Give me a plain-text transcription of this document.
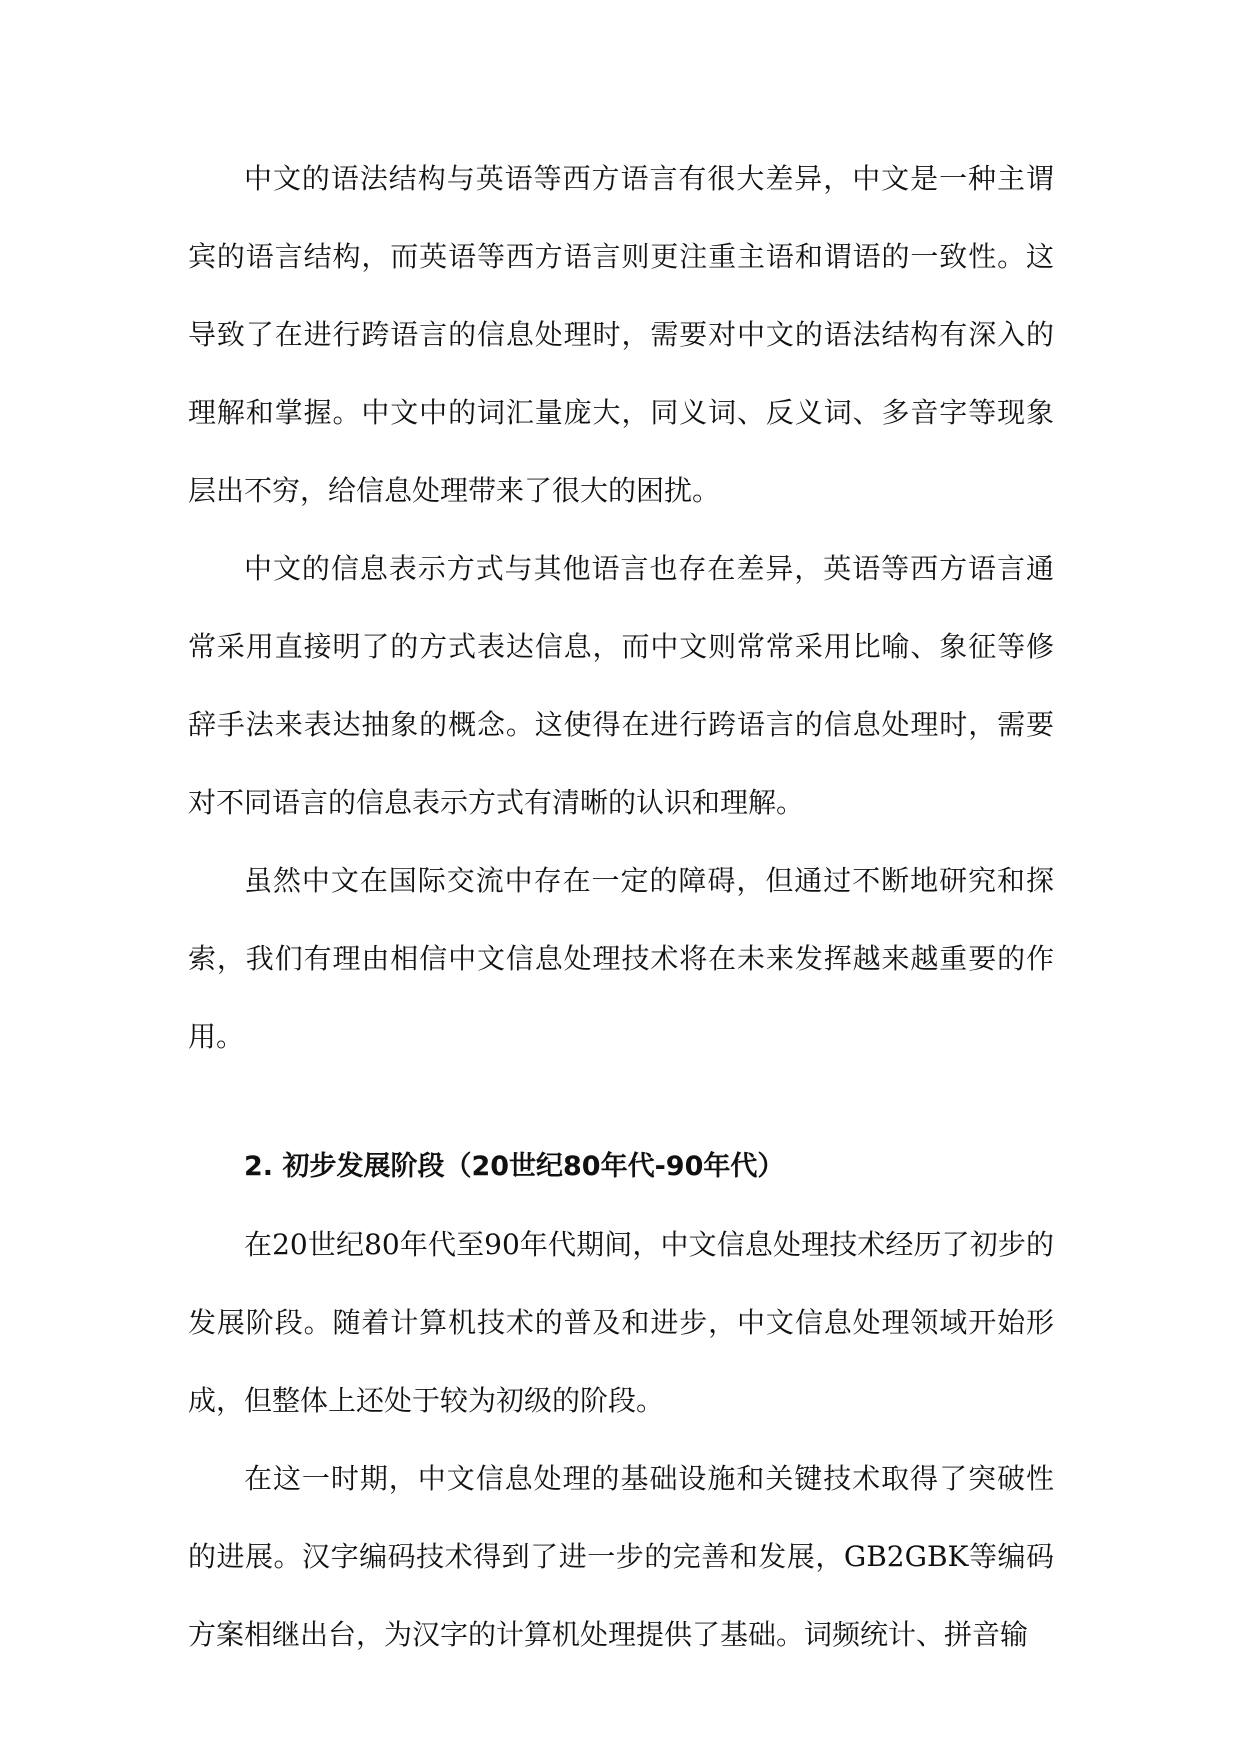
中文的语法结构与英语等西方语言有很大差异，中文是一种主谓宾的语言结构，而英语等西方语言则更注重主语和谓语的一致性。这导致了在进行跨语言的信息处理时，需要对中文的语法结构有深入的理解和掌握。中文中的词汇量庞大，同义词、反义词、多音字等现象层出不穷，给信息处理带来了很大的困扰。

中文的信息表示方式与其他语言也存在差异，英语等西方语言通常采用直接明了的方式表达信息，而中文则常常采用比喻、象征等修辞手法来表达抽象的概念。这使得在进行跨语言的信息处理时，需要对不同语言的信息表示方式有清晰的认识和理解。

虽然中文在国际交流中存在一定的障碍，但通过不断地研究和探索，我们有理由相信中文信息处理技术将在未来发挥越来越重要的作用。

2. 初步发展阶段（20世纪80年代-90年代）

在20世纪80年代至90年代期间，中文信息处理技术经历了初步的发展阶段。随着计算机技术的普及和进步，中文信息处理领域开始形成，但整体上还处于较为初级的阶段。

在这一时期，中文信息处理的基础设施和关键技术取得了突破性的进展。汉字编码技术得到了进一步的完善和发展，GB2GBK等编码方案相继出台，为汉字的计算机处理提供了基础。词频统计、拼音输
